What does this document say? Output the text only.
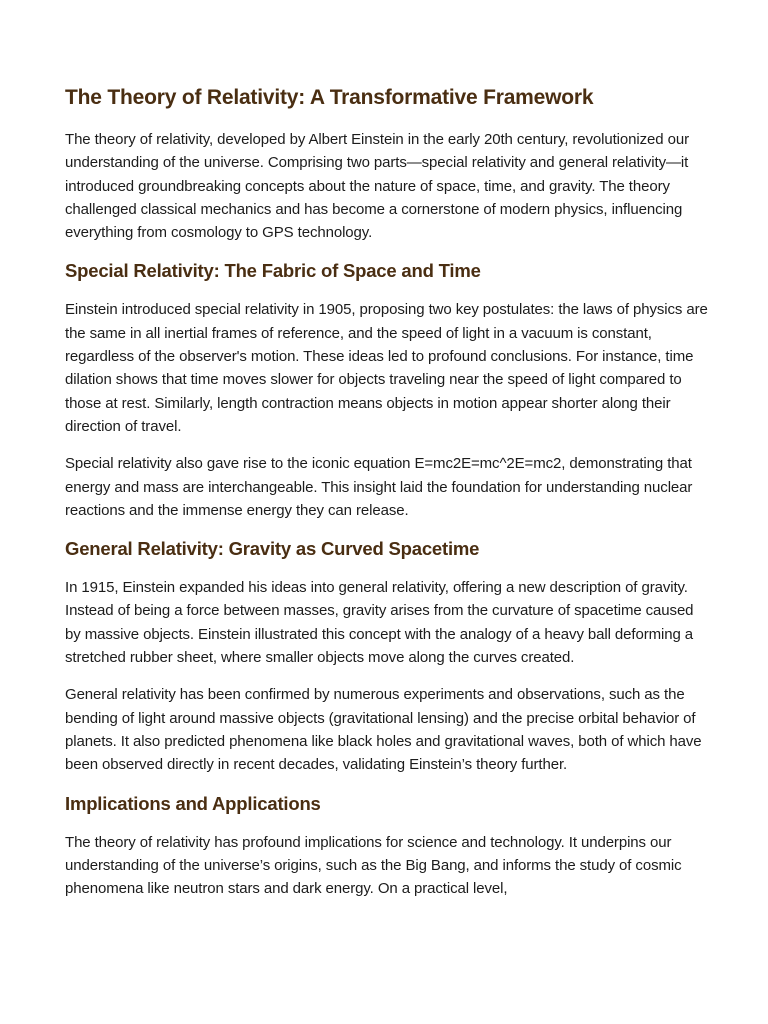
The Theory of Relativity: A Transformative Framework

The theory of relativity, developed by Albert Einstein in the early 20th century, revolutionized our understanding of the universe. Comprising two parts—special relativity and general relativity—it introduced groundbreaking concepts about the nature of space, time, and gravity. The theory challenged classical mechanics and has become a cornerstone of modern physics, influencing everything from cosmology to GPS technology.

Special Relativity: The Fabric of Space and Time

Einstein introduced special relativity in 1905, proposing two key postulates: the laws of physics are the same in all inertial frames of reference, and the speed of light in a vacuum is constant, regardless of the observer's motion. These ideas led to profound conclusions. For instance, time dilation shows that time moves slower for objects traveling near the speed of light compared to those at rest. Similarly, length contraction means objects in motion appear shorter along their direction of travel.

Special relativity also gave rise to the iconic equation E=mc2E=mc^2E=mc2, demonstrating that energy and mass are interchangeable. This insight laid the foundation for understanding nuclear reactions and the immense energy they can release.

General Relativity: Gravity as Curved Spacetime

In 1915, Einstein expanded his ideas into general relativity, offering a new description of gravity. Instead of being a force between masses, gravity arises from the curvature of spacetime caused by massive objects. Einstein illustrated this concept with the analogy of a heavy ball deforming a stretched rubber sheet, where smaller objects move along the curves created.

General relativity has been confirmed by numerous experiments and observations, such as the bending of light around massive objects (gravitational lensing) and the precise orbital behavior of planets. It also predicted phenomena like black holes and gravitational waves, both of which have been observed directly in recent decades, validating Einstein’s theory further.

Implications and Applications

The theory of relativity has profound implications for science and technology. It underpins our understanding of the universe’s origins, such as the Big Bang, and informs the study of cosmic phenomena like neutron stars and dark energy. On a practical level,
